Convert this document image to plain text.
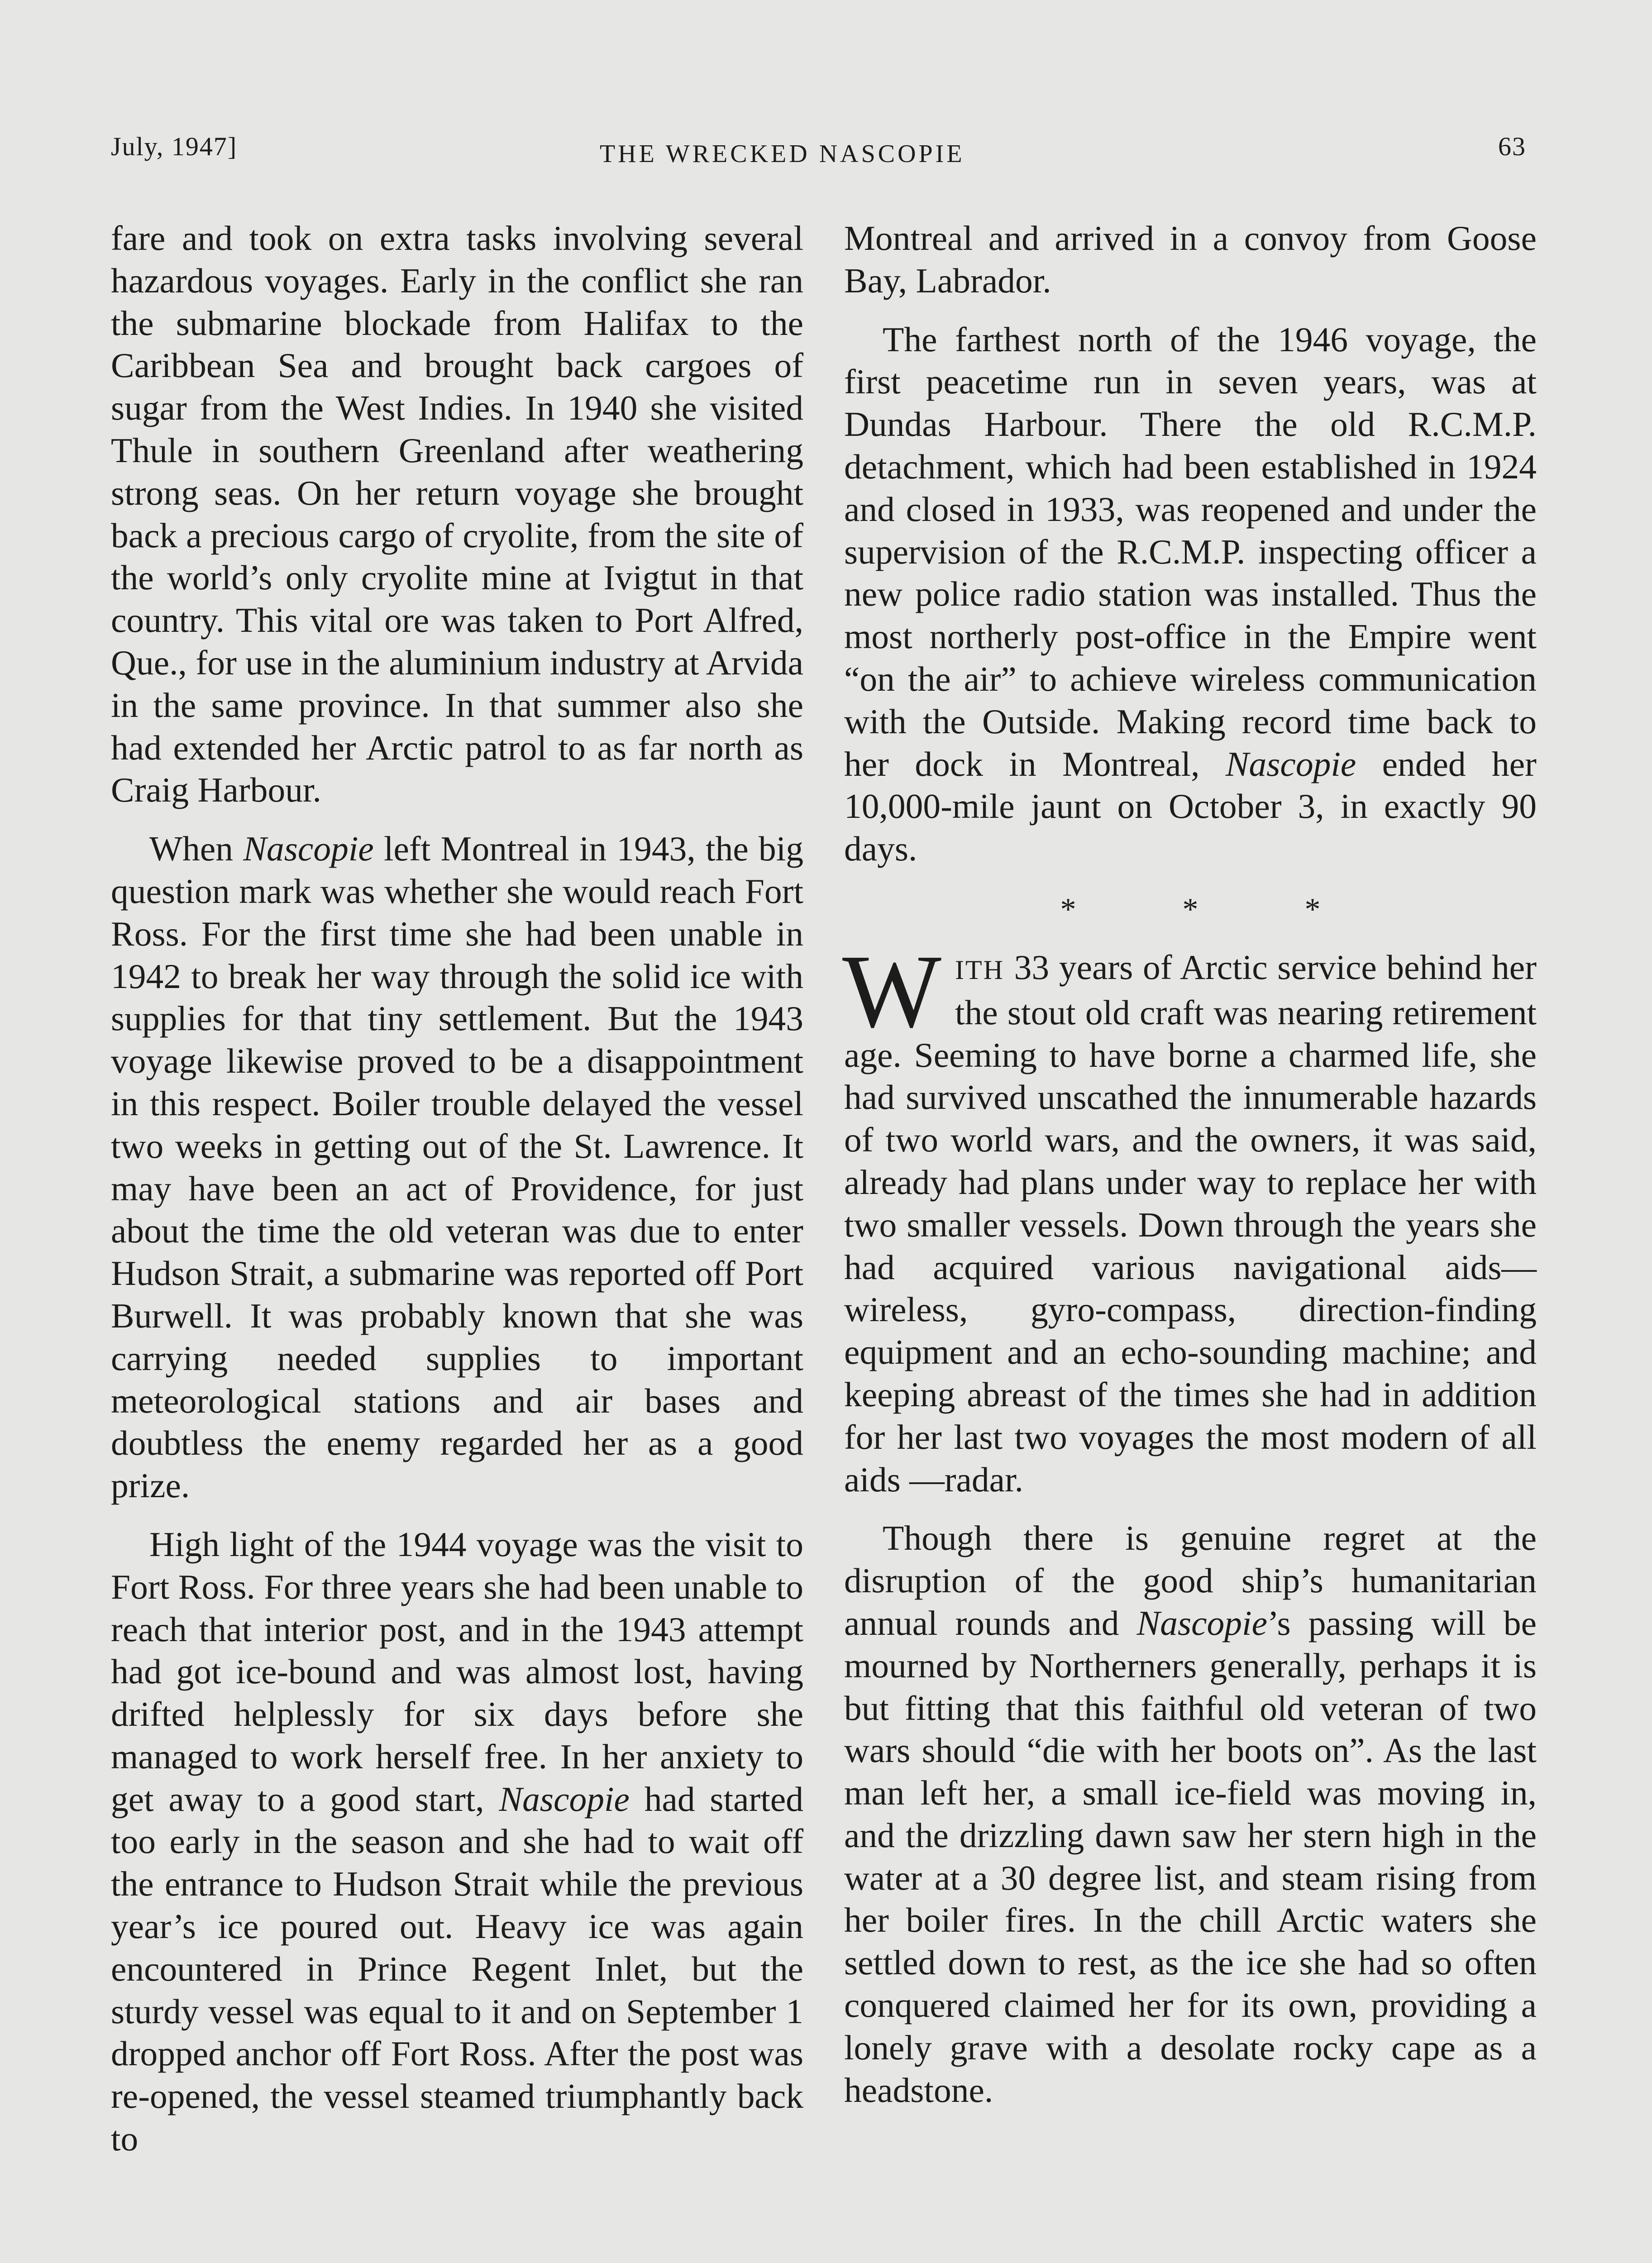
July, 1947]	THE WRECKED NASCOPIE	63

fare and took on extra tasks involving several hazardous voyages. Early in the conflict she ran the submarine blockade from Halifax to the Caribbean Sea and brought back cargoes of sugar from the West Indies. In 1940 she visited Thule in southern Greenland after weathering strong seas. On her return voyage she brought back a precious cargo of cryolite, from the site of the world’s only cryolite mine at Ivigtut in that country. This vital ore was taken to Port Alfred, Que., for use in the aluminium industry at Arvida in the same province. In that summer also she had extended her Arctic patrol to as far north as Craig Harbour.

When Nascopie left Montreal in 1943, the big question mark was whether she would reach Fort Ross. For the first time she had been unable in 1942 to break her way through the solid ice with supplies for that tiny settlement. But the 1943 voyage likewise proved to be a disappointment in this respect. Boiler trouble delayed the vessel two weeks in getting out of the St. Lawrence. It may have been an act of Providence, for just about the time the old veteran was due to enter Hudson Strait, a submarine was reported off Port Burwell. It was probably known that she was carrying needed supplies to important meteorological stations and air bases and doubtless the enemy regarded her as a good prize.

High light of the 1944 voyage was the visit to Fort Ross. For three years she had been unable to reach that interior post, and in the 1943 attempt had got ice-bound and was almost lost, having drifted helplessly for six days before she managed to work herself free. In her anxiety to get away to a good start, Nascopie had started too early in the season and she had to wait off the entrance to Hudson Strait while the previous year’s ice poured out. Heavy ice was again encountered in Prince Regent Inlet, but the sturdy vessel was equal to it and on September 1 dropped anchor off Fort Ross. After the post was re-opened, the vessel steamed triumphantly back to

Montreal and arrived in a convoy from Goose Bay, Labrador.

The farthest north of the 1946 voyage, the first peacetime run in seven years, was at Dundas Harbour. There the old R.C.M.P. detachment, which had been established in 1924 and closed in 1933, was reopened and under the supervision of the R.C.M.P. inspecting officer a new police radio station was installed. Thus the most northerly post-office in the Empire went “on the air” to achieve wireless communication with the Outside. Making record time back to her dock in Montreal, Nascopie ended her 10,000-mile jaunt on October 3, in exactly 90 days.

*	*	*

WITH 33 years of Arctic service behind her the stout old craft was nearing retirement age. Seeming to have borne a charmed life, she had survived unscathed the innumerable hazards of two world wars, and the owners, it was said, already had plans under way to replace her with two smaller vessels. Down through the years she had acquired various navigational aids—wireless, gyro-compass, direction-finding equipment and an echo-sounding machine; and keeping abreast of the times she had in addition for her last two voyages the most modern of all aids —radar.

Though there is genuine regret at the disruption of the good ship’s humanitarian annual rounds and Nascopie’s passing will be mourned by Northerners generally, perhaps it is but fitting that this faithful old veteran of two wars should “die with her boots on”. As the last man left her, a small ice-field was moving in, and the drizzling dawn saw her stern high in the water at a 30 degree list, and steam rising from her boiler fires. In the chill Arctic waters she settled down to rest, as the ice she had so often conquered claimed her for its own, providing a lonely grave with a desolate rocky cape as a headstone.
